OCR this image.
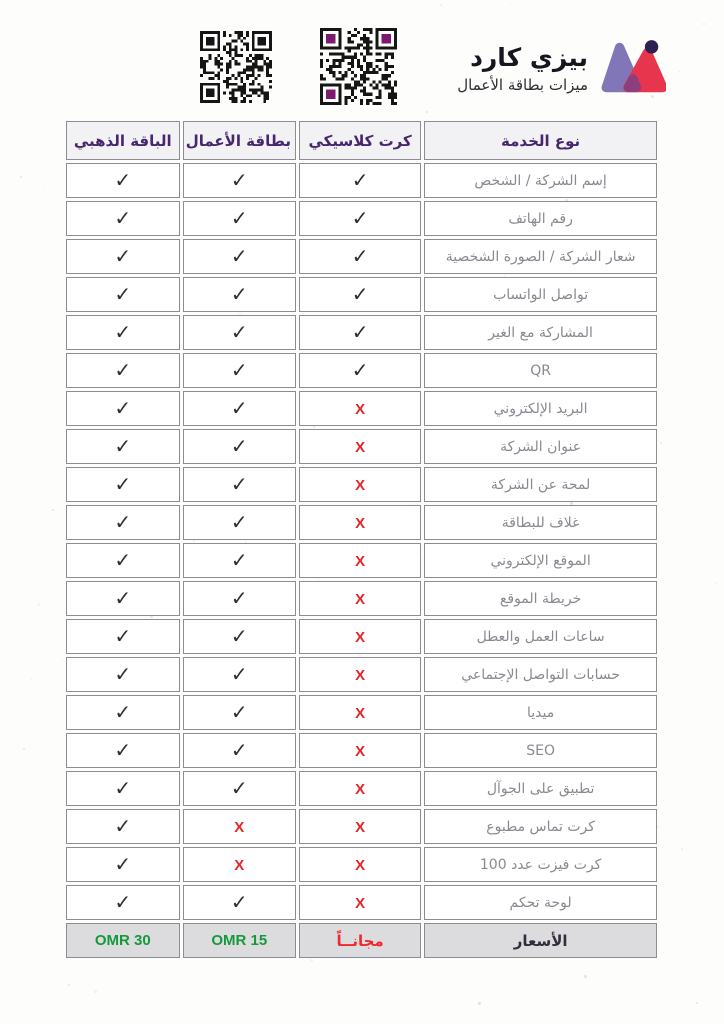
بيزي كارد
ميزات بطاقة الأعمال
نوع الخدمة	كرت كلاسيكي	بطاقة الأعمال	الباقة الذهبي
إسم الشركة / الشخص	✓	✓	✓
رقم الهاتف	✓	✓	✓
شعار الشركة / الصورة الشخصية	✓	✓	✓
تواصل الواتساب	✓	✓	✓
المشاركة مع الغير	✓	✓	✓
QR	✓	✓	✓
البريد الإلكتروني	X	✓	✓
عنوان الشركة	X	✓	✓
لمحة عن الشركة	X	✓	✓
غلاف للبطاقة	X	✓	✓
الموقع الإلكتروني	X	✓	✓
خريطة الموقع	X	✓	✓
ساعات العمل والعطل	X	✓	✓
حسابات التواصل الإجتماعي	X	✓	✓
ميديا	X	✓	✓
SEO	X	✓	✓
تطبيق على الجوآل	X	✓	✓
كرت تماس مطبوع	X	X	✓
كرت فيزت عدد 100	X	X	✓
لوحة تحكم	X	✓	✓
الأسعار	مجانــاً	15 OMR	30 OMR
